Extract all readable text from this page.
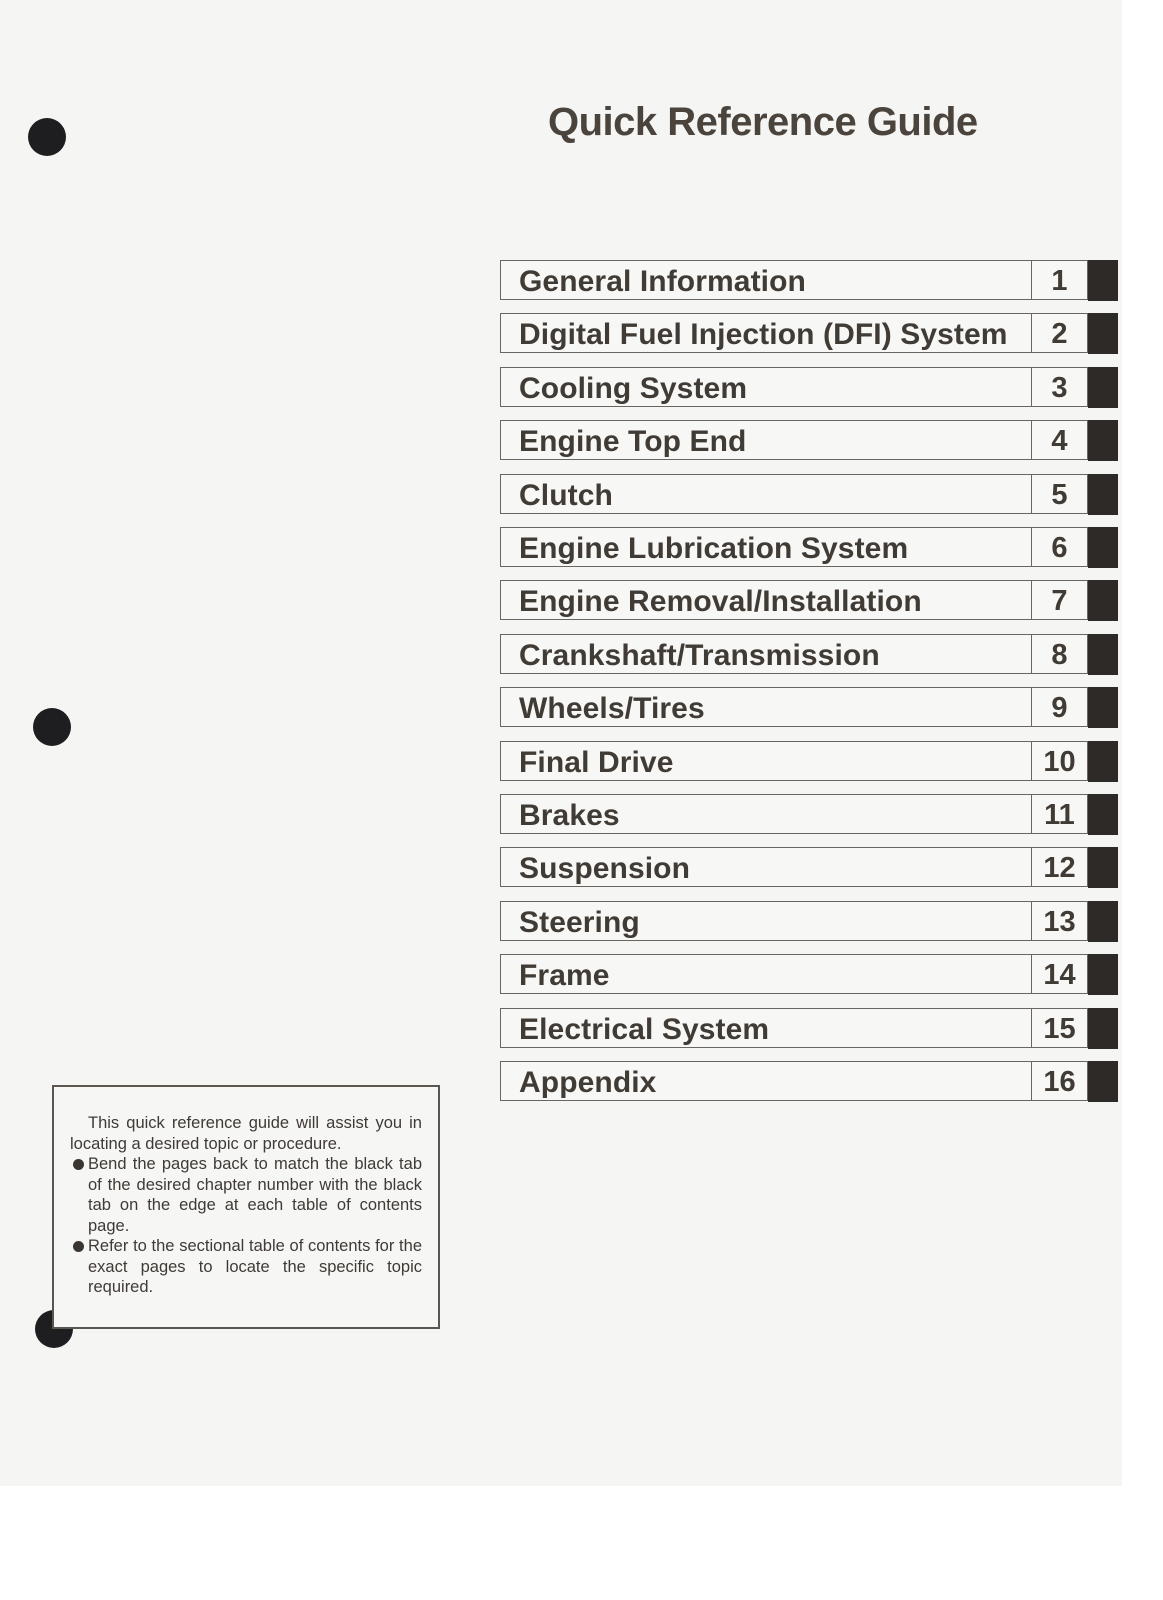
Quick Reference Guide
General Information	1
Digital Fuel Injection (DFI) System	2
Cooling System	3
Engine Top End	4
Clutch	5
Engine Lubrication System	6
Engine Removal/Installation	7
Crankshaft/Transmission	8
Wheels/Tires	9
Final Drive	10
Brakes	11
Suspension	12
Steering	13
Frame	14
Electrical System	15
Appendix	16
This quick reference guide will assist you in locating a desired topic or procedure.
Bend the pages back to match the black tab of the desired chapter number with the black tab on the edge at each table of contents page.
Refer to the sectional table of contents for the exact pages to locate the specific topic required.
